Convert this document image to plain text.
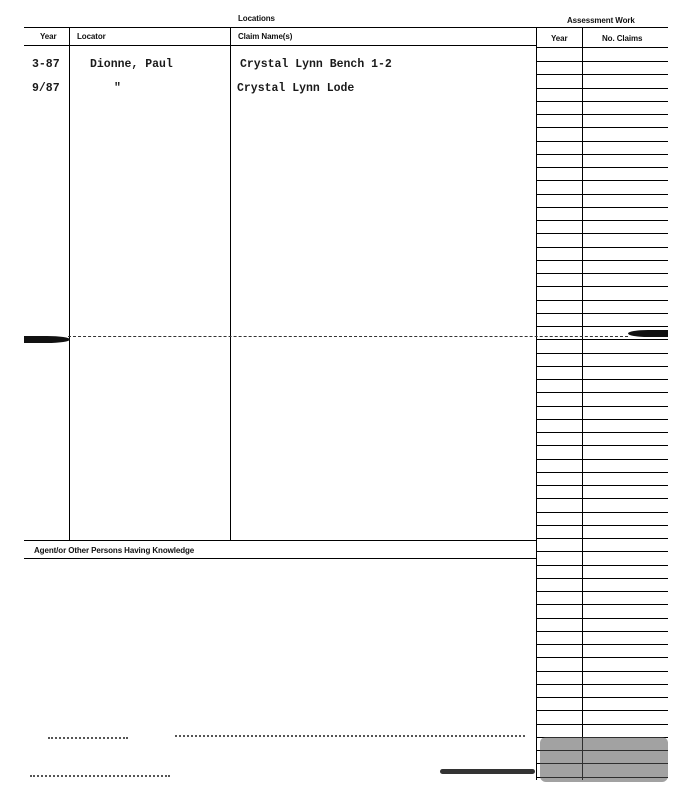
Locations	Assessment Work
Year	Locator	Claim Name(s)	Year	No. Claims
3-87	Dionne, Paul	Crystal Lynn Bench 1-2
9/87	"	Crystal Lynn Lode
Agent/or Other Persons Having Knowledge
